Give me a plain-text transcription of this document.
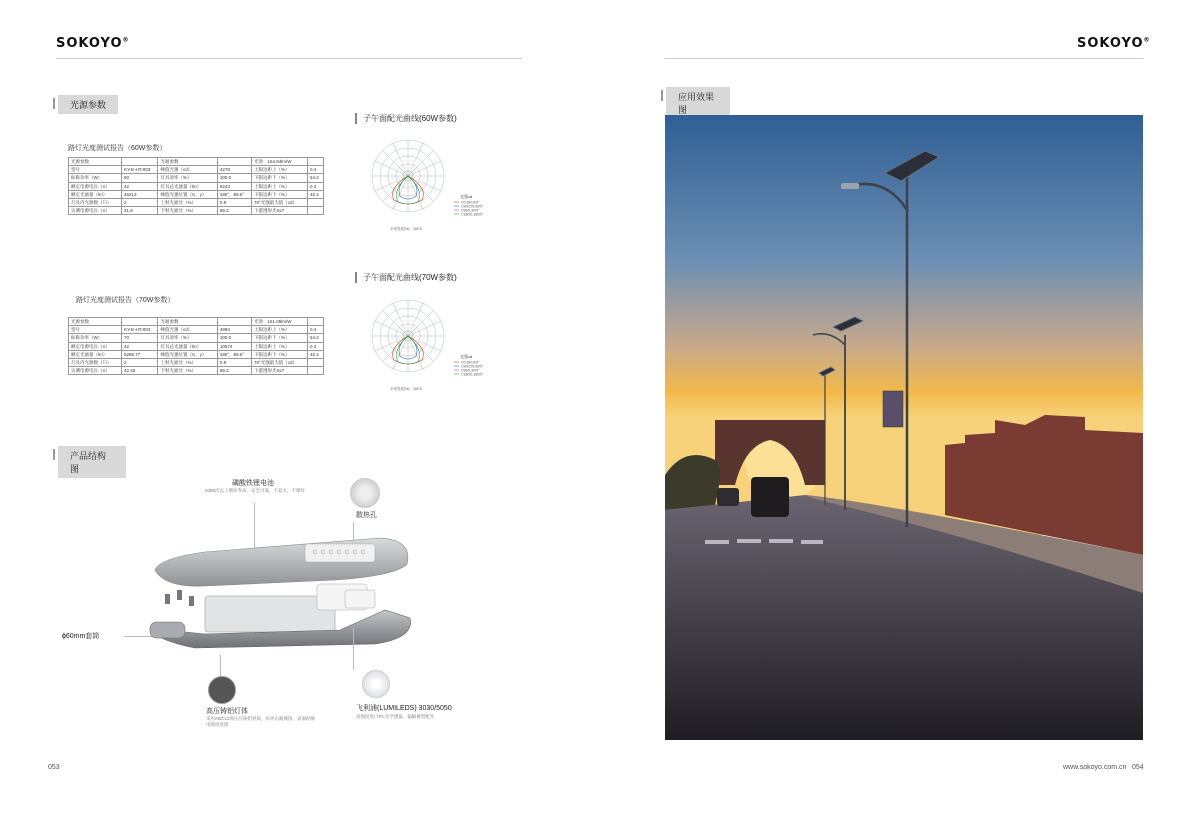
SOKOYO®
光源参数
路灯光度测试报告（60W参数）
光源参数		光通参数		光效：154.94lm/W	
型号	KY-E-HT-003	峰值光强（cd）	4278	上限边距上（%）	0.4
标称功率（W）	60	灯具效率（%）	100.0	下限边距下（%）	54.2
额定电源电压（V）	42	灯具总光通量（lm）	9243	上限边距上（%）	0.3
额定光通量（lm）	46213	峰值光强位置（C，γ）	180°，59.6°	下限边距下（%）	45.1
灯具内光源数（只）	2	上射光通比（%）	0.8	70°光强最大值（cd）	
实测电源电压（V）	41.6	下射光通比（%）	99.2	下游透射光SLT	
路灯光度测试报告（70W参数）
光源参数		光通参数		光效：151.05lm/W	
型号	KY-E-HT-004	峰值光强（cd）	4894	上限边距上（%）	0.4
标称功率（W）	70	灯具效率（%）	100.0	下限边距下（%）	54.2
额定电源电压（V）	42	灯具总光通量（lm）	10574	上限边距上（%）	0.3
额定光通量（lm）	5286.77	峰值光强位置（C，γ）	180°，59.6°	下限边距下（%）	45.1
灯具内光源数（只）	2	上射光通比（%）	0.8	70°光强最大值（cd）	
实测电源电压（V）	42.45	下射光通比（%）	99.2	下游透射光SLT	
子午面配光曲线(60W参数)
光强cd
C0/180,0/0°
C90/270,90/0°
C90/0,90/0°
C180/0,180/0°
平均亮度(%)：100.5
子午面配光曲线(70W参数)
光强cd
C0/180,0/0°
C90/270,90/0°
C90/0,90/0°
C180/0,180/0°
平均亮度(%)：100.5
产品结构图
磷酸铁锂电池
2000次以上循环寿命，安全可靠，不起火，不爆炸
散热孔
ɸ60mm套筒
高压铸铝灯体
采用ADC12高压压铸铝材质，抗冲击耐腐蚀，表面经静电喷涂处理
飞利浦(LUMILEDS) 3030/5050
高强度进口PC光学透镜，偏蝠翼型配光
053
SOKOYO®
应用效果图
www.sokoyo.com.cn 054
